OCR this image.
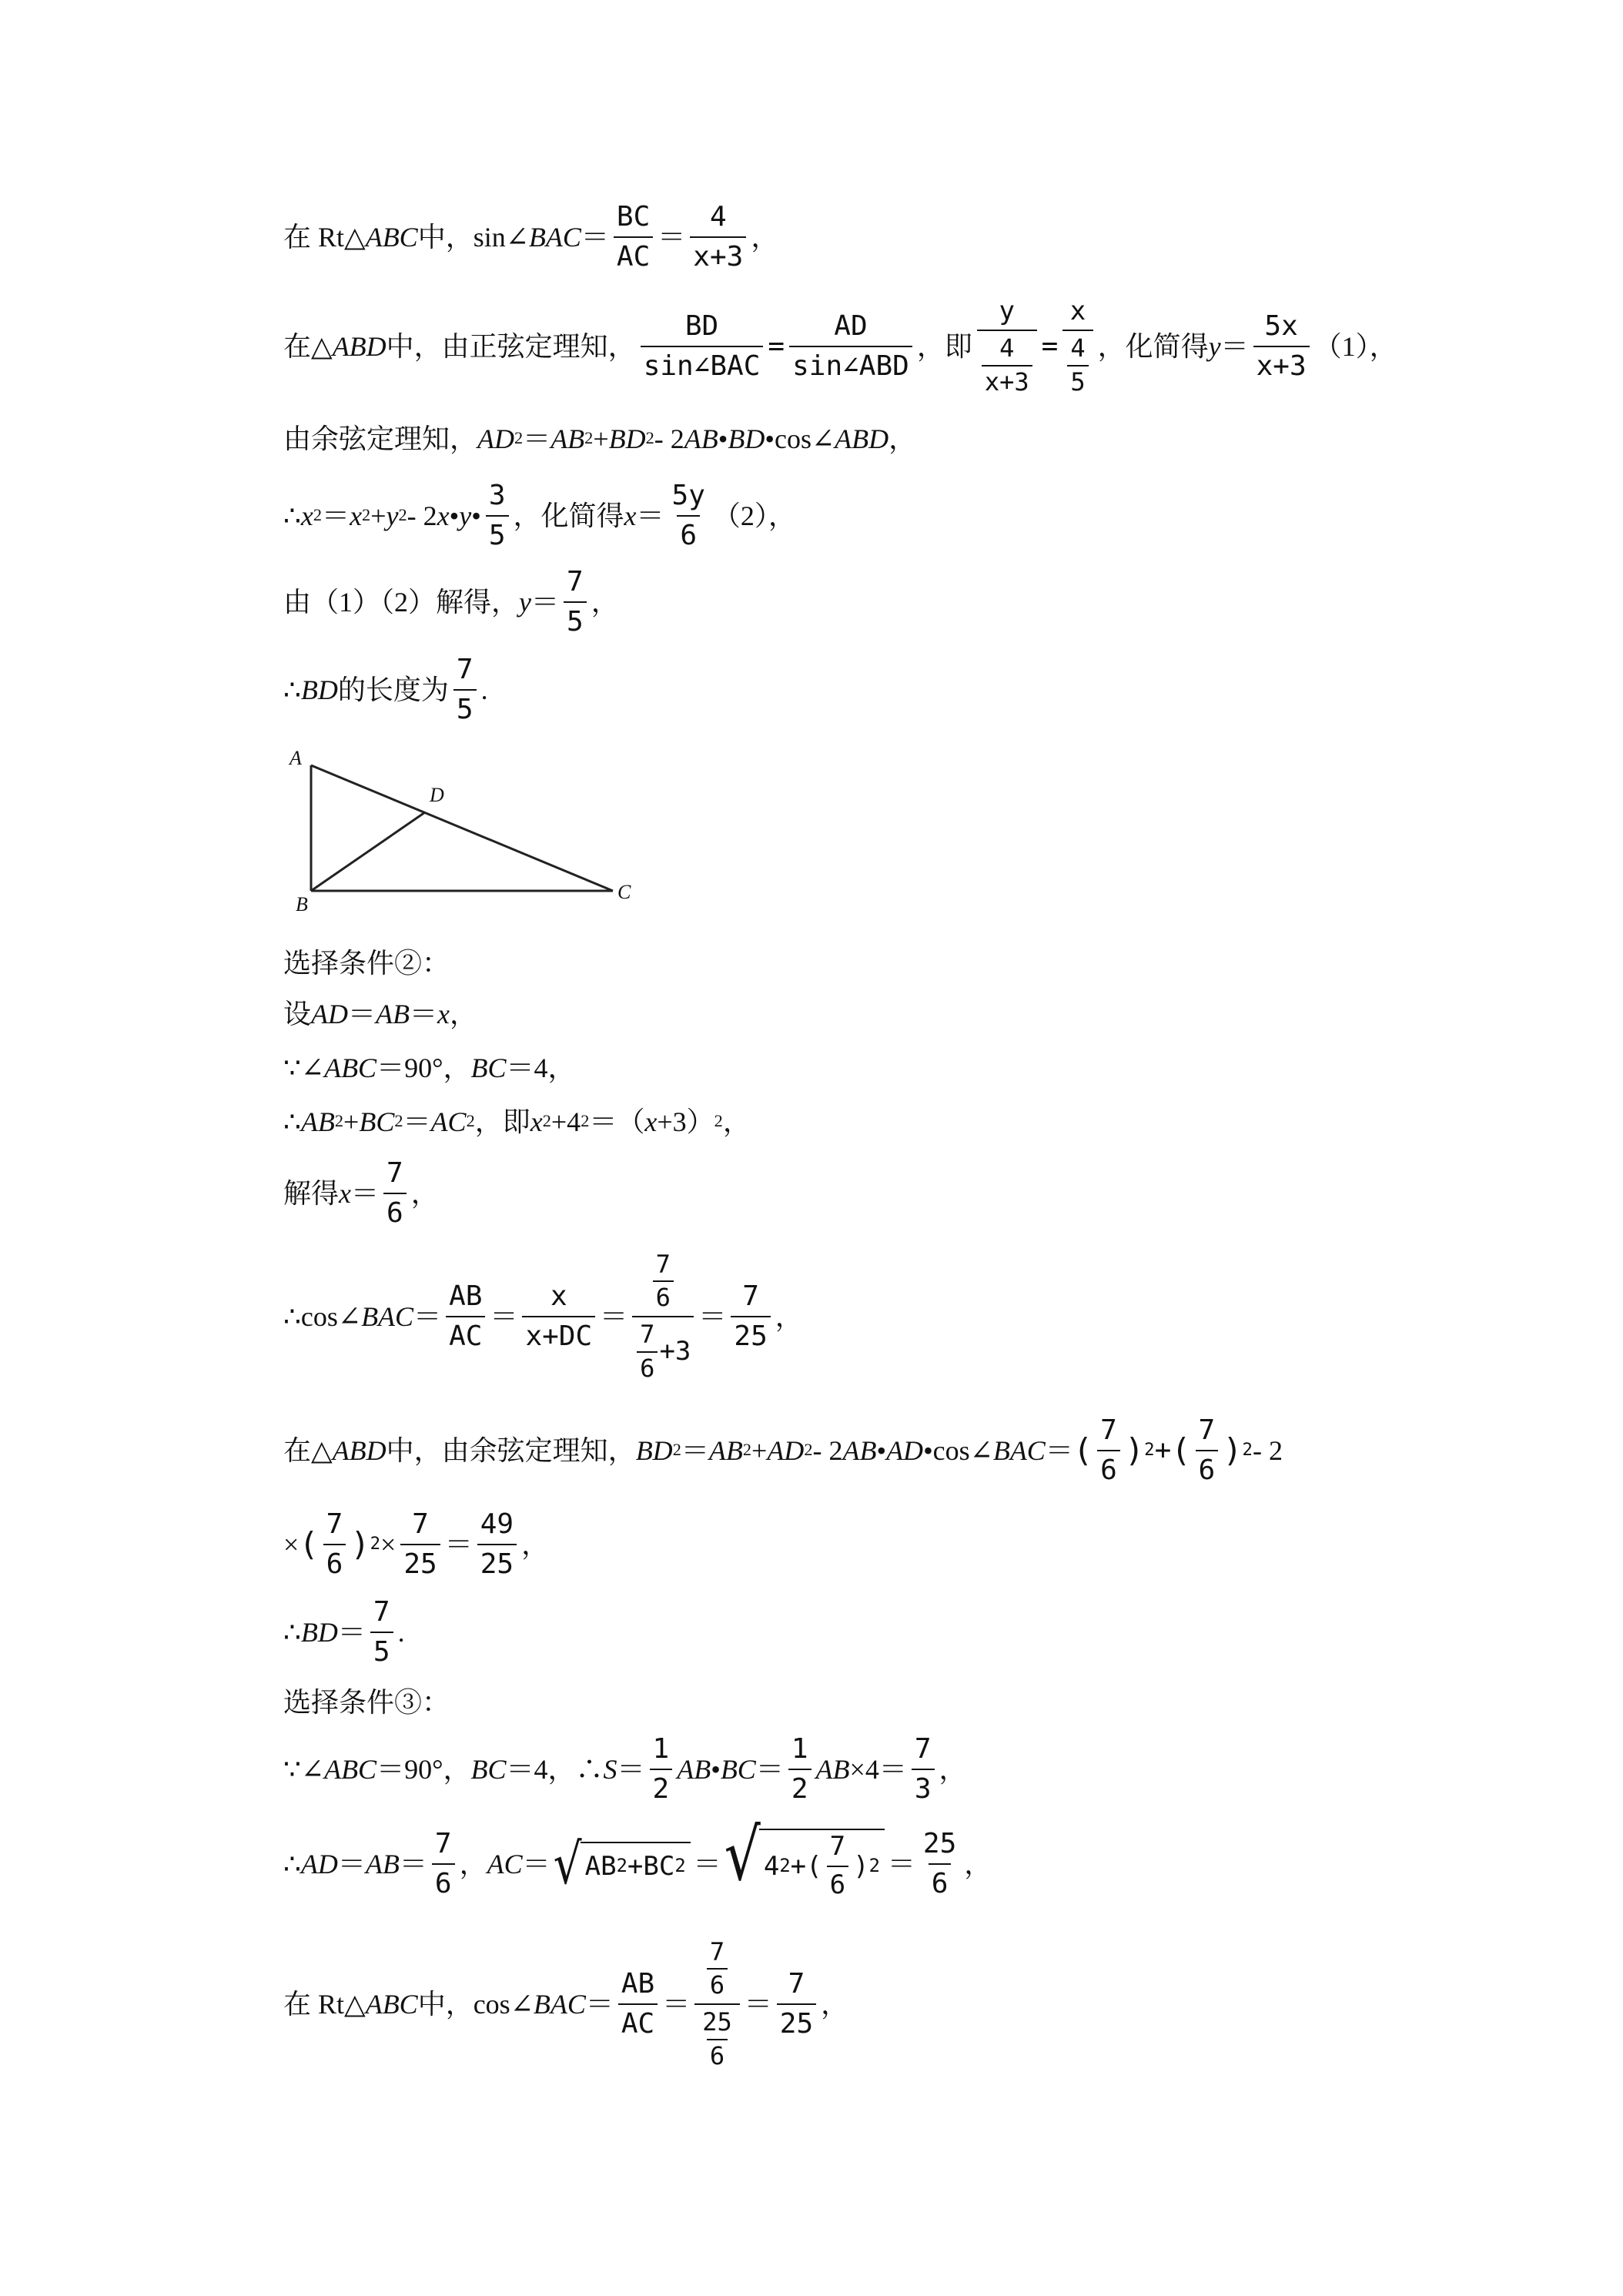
在 Rt△ ABC 中，sin∠ BAC ＝ $\frac{BC}{AC} = \frac{4}{x+3}$ ，
在△ ABD 中，由正弦定理知， $\frac{BD}{\text{sin∠BAC}} = \frac{AD}{\text{sin∠ABD}}$ ，即 $\frac{y}{\frac{4}{x+3}} = \frac{x}{\frac{4}{5}}$ ，化简得 $y = \frac{5x}{x+3} (1)$，
由余弦定理知， $AD^2 = AB^2 + BD^2 - 2$ AB • BD •cos∠ ABD ，
∴ $x^2 = x^2 + y^2 - 2$ x • y • $\frac{3}{5}$ ，化简得 $x = \frac{5y}{6} (2)$，
由（1）（2）解得， $y = \frac{7}{5}$ ，
∴ BD 的长度为 $\frac{7}{5}$ .
A
B
C
D
选择条件②：
设 AD ＝ AB ＝ x ，
∵∠ ABC ＝90°， BC ＝4，
∴ $AB^2 + BC^2 = AC^2$ ，即 $x^2 +4^2$ ＝（ x +3）$^2$ ，
解得 $x = \frac{7}{6}$ ，
∴cos∠ BAC ＝ $\frac{AB}{AC} = \frac{x}{x+DC} = \frac{\frac{7}{6}}{\frac{7}{6} +3} = \frac{7}{25}$ ，
在△ ABD 中，由余弦定理知， $BD^2 = AB^2 + AD^2 - 2$ AB • AD •cos∠ BAC ＝ ( $\frac{7}{6} )^2$ + ( $\frac{7}{6} )^2 - 2$
× ( $\frac{7}{6} )^2 \times \frac{7}{25} = \frac{49}{25}$ ，
∴ BD ＝ $\frac{7}{5}$ .
选择条件③：
∵∠ ABC ＝90°， BC ＝4，∴ $S = \frac{1}{2}$ AB • BC ＝ $\frac{1}{2}$ AB $\times 4= \frac{7}{3}$ ，
∴ AD ＝ AB ＝ $\frac{7}{6}$ ， AC ＝ √ $AB^2 +BC^2$ ＝ √ $4^2$ +( $\frac{7}{6} )^2 = \frac{25}{6}$ ，
在 Rt△ ABC 中，cos∠ BAC ＝ $\frac{AB}{AC} = \frac{\frac{7}{6}}{\frac{25}{6}} = \frac{7}{25}$ ，
